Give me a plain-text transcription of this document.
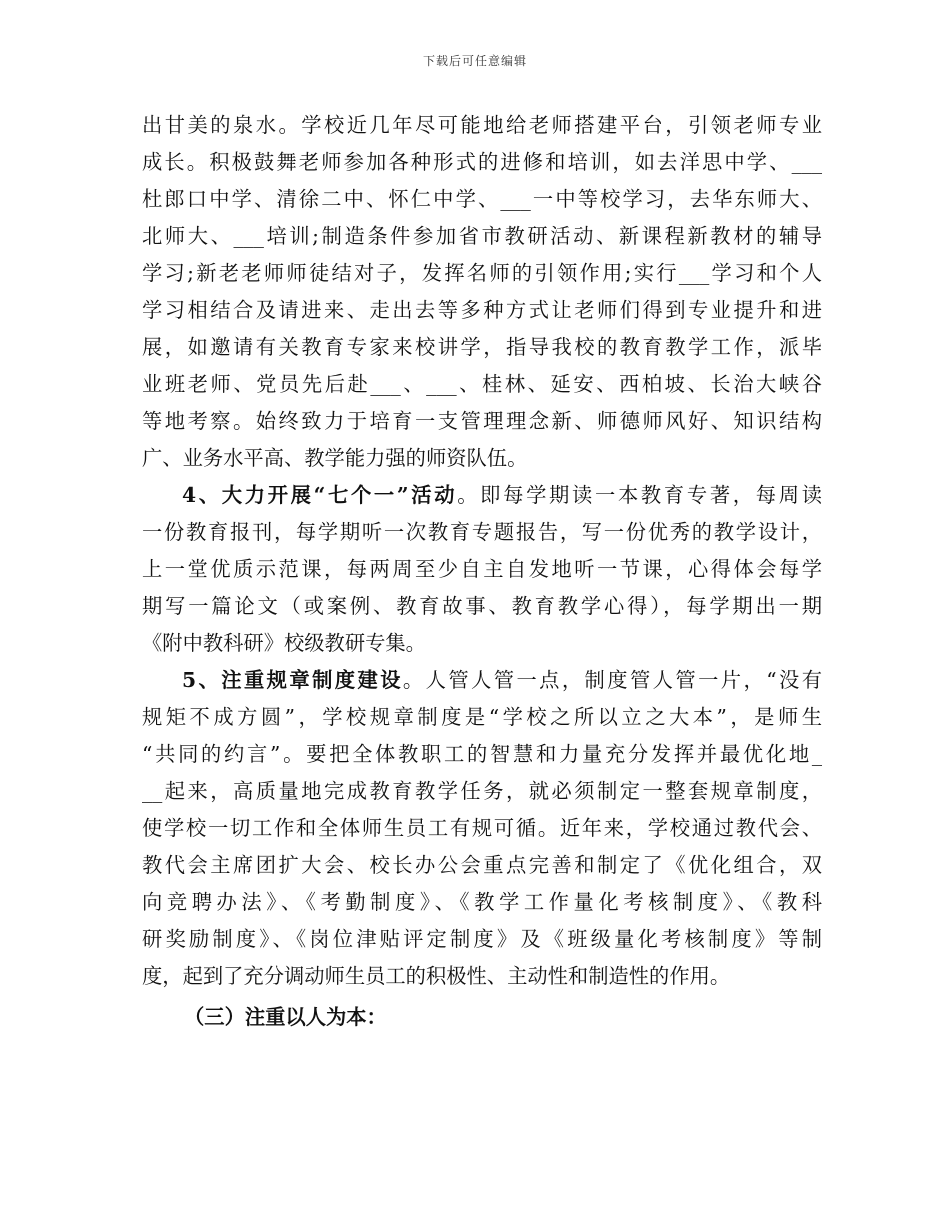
下载后可任意编辑
出甘美的泉水。学校近几年尽可能地给老师搭建平台，引领老师专业
成长。积极鼓舞老师参加各种形式的进修和培训，如去洋思中学、___
杜郎口中学、清徐二中、怀仁中学、___一中等校学习，去华东师大、
北师大、___培训;制造条件参加省市教研活动、新课程新教材的辅导
学习;新老老师师徒结对子，发挥名师的引领作用;实行___学习和个人
学习相结合及请进来、走出去等多种方式让老师们得到专业提升和进
展，如邀请有关教育专家来校讲学，指导我校的教育教学工作，派毕
业班老师、党员先后赴___、___、桂林、延安、西柏坡、长治大峡谷
等地考察。始终致力于培育一支管理理念新、师德师风好、知识结构
广、业务水平高、教学能力强的师资队伍。
4、大力开展“七个一”活动。即每学期读一本教育专著，每周读
一份教育报刊，每学期听一次教育专题报告，写一份优秀的教学设计，
上一堂优质示范课，每两周至少自主自发地听一节课，心得体会每学
期写一篇论文（或案例、教育故事、教育教学心得），每学期出一期
《附中教科研》校级教研专集。
5、注重规章制度建设。人管人管一点，制度管人管一片，“没有
规矩不成方圆”，学校规章制度是“学校之所以立之大本”，是师生
“共同的约言”。要把全体教职工的智慧和力量充分发挥并最优化地_
__起来，高质量地完成教育教学任务，就必须制定一整套规章制度，
使学校一切工作和全体师生员工有规可循。近年来，学校通过教代会、
教代会主席团扩大会、校长办公会重点完善和制定了《优化组合，双
向竞聘办法》、《考勤制度》、《教学工作量化考核制度》、《教科
研奖励制度》、《岗位津贴评定制度》及《班级量化考核制度》等制
度，起到了充分调动师生员工的积极性、主动性和制造性的作用。
（三）注重以人为本：
